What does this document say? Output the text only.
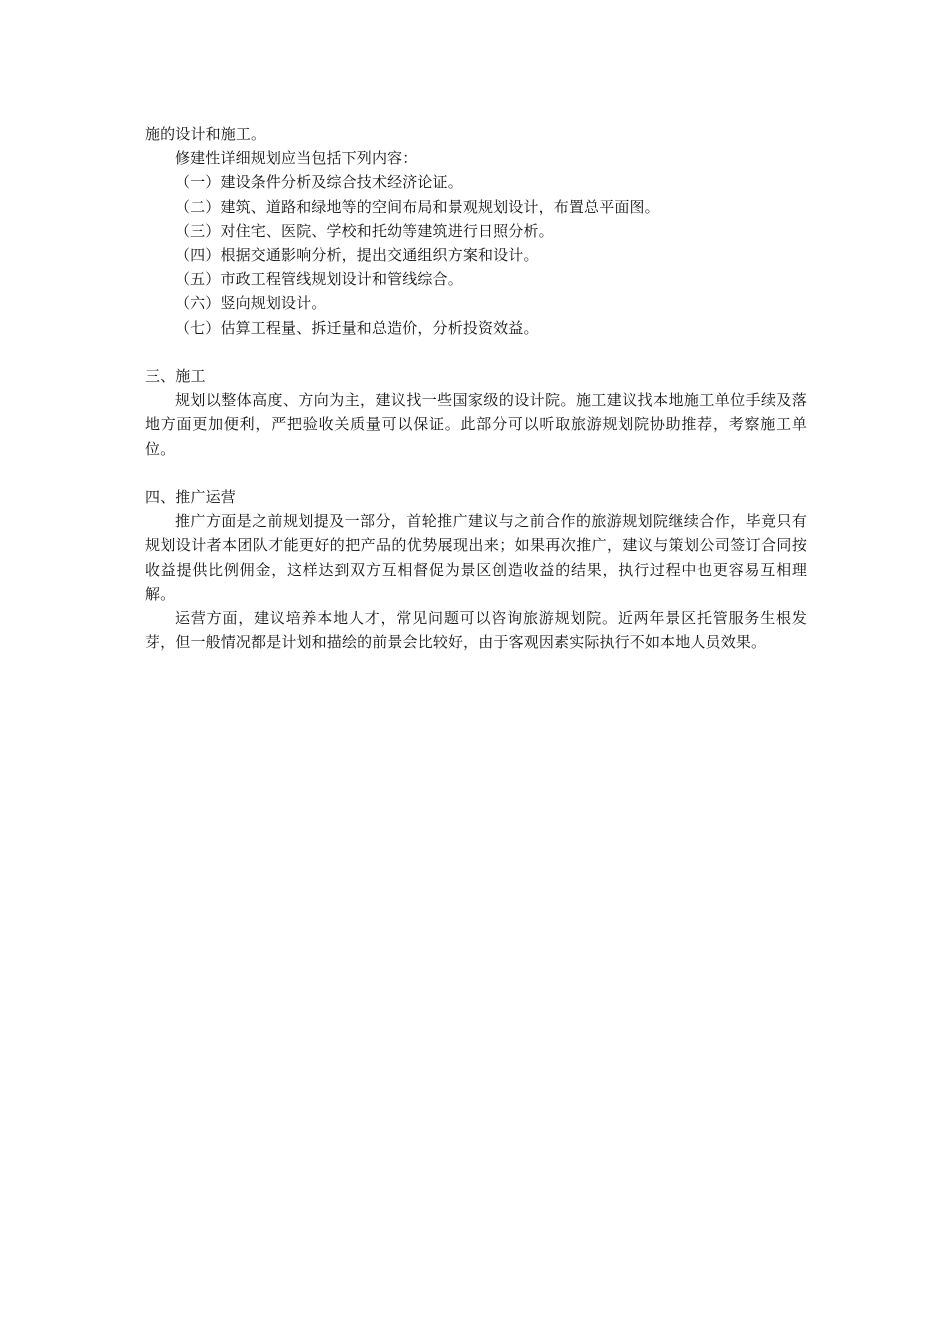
施的设计和施工。

修建性详细规划应当包括下列内容：

（一）建设条件分析及综合技术经济论证。

（二）建筑、道路和绿地等的空间布局和景观规划设计，布置总平面图。

（三）对住宅、医院、学校和托幼等建筑进行日照分析。

（四）根据交通影响分析，提出交通组织方案和设计。

（五）市政工程管线规划设计和管线综合。

（六）竖向规划设计。

（七）估算工程量、拆迁量和总造价，分析投资效益。

三、施工

规划以整体高度、方向为主，建议找一些国家级的设计院。施工建议找本地施工单位手续及落地方面更加便利，严把验收关质量可以保证。此部分可以听取旅游规划院协助推荐，考察施工单位。

四、推广运营

推广方面是之前规划提及一部分，首轮推广建议与之前合作的旅游规划院继续合作，毕竟只有规划设计者本团队才能更好的把产品的优势展现出来；如果再次推广，建议与策划公司签订合同按收益提供比例佣金，这样达到双方互相督促为景区创造收益的结果，执行过程中也更容易互相理解。

运营方面，建议培养本地人才，常见问题可以咨询旅游规划院。近两年景区托管服务生根发芽，但一般情况都是计划和描绘的前景会比较好，由于客观因素实际执行不如本地人员效果。
